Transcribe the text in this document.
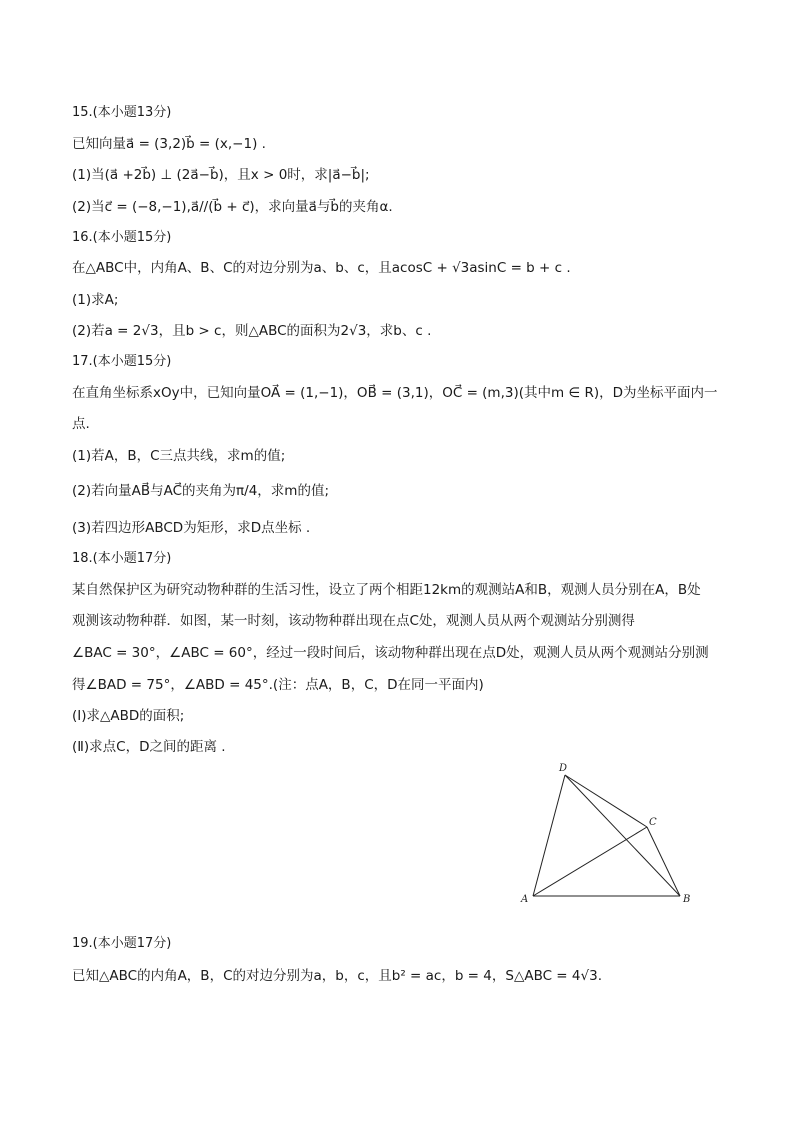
15.(本小题13分)
已知向量a⃗ = (3,2)b⃗ = (x,−1) .
(1)当(a⃗ +2b⃗) ⊥ (2a⃗−b⃗)，且x > 0时，求|a⃗−b⃗|;
(2)当c⃗ = (−8,−1),a⃗//(b⃗ + c⃗)，求向量a⃗与b⃗的夹角α.
16.(本小题15分)
在△ABC中，内角A、B、C的对边分别为a、b、c，且acosC + √3asinC = b + c .
(1)求A;
(2)若a = 2√3，且b > c，则△ABC的面积为2√3，求b、c .
17.(本小题15分)
在直角坐标系xOy中，已知向量OA⃗ = (1,−1)，OB⃗ = (3,1)，OC⃗ = (m,3)(其中m ∈ R)，D为坐标平面内一
点.
(1)若A，B，C三点共线，求m的值;
(2)若向量AB⃗与AC⃗的夹角为π/4，求m的值;
(3)若四边形ABCD为矩形，求D点坐标 .
18.(本小题17分)
某自然保护区为研究动物种群的生活习性，设立了两个相距12km的观测站A和B，观测人员分别在A，B处
观测该动物种群．如图，某一时刻，该动物种群出现在点C处，观测人员从两个观测站分别测得
∠BAC = 30°，∠ABC = 60°，经过一段时间后，该动物种群出现在点D处，观测人员从两个观测站分别测
得∠BAD = 75°，∠ABD = 45°.(注：点A，B，C，D在同一平面内)
(Ⅰ)求△ABD的面积;
(Ⅱ)求点C，D之间的距离 .
D
C
A	B
19.(本小题17分)
已知△ABC的内角A，B，C的对边分别为a，b，c，且b² = ac，b = 4，S△ABC = 4√3.
